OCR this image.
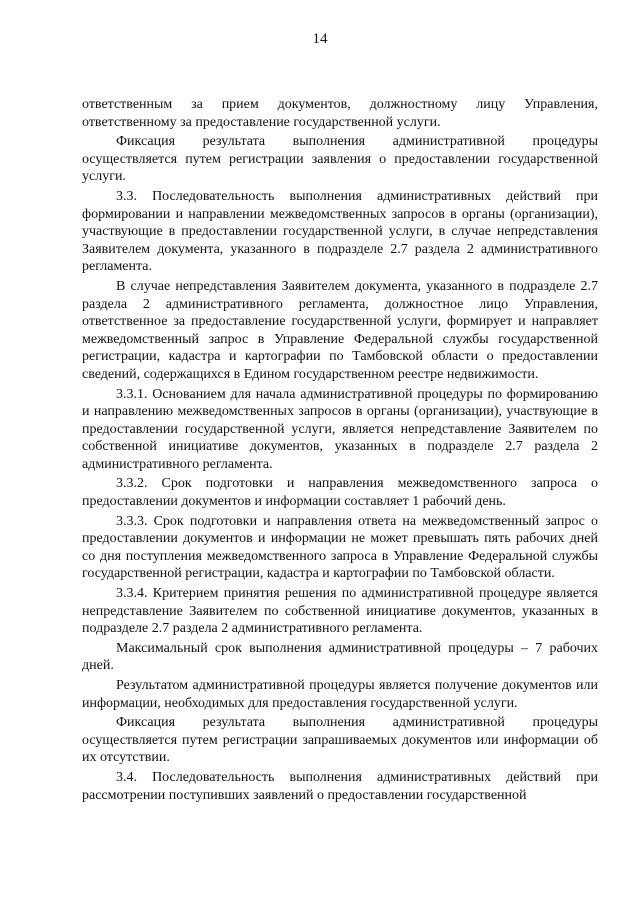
14

ответственным за прием документов, должностному лицу Управления, ответственному за предоставление государственной услуги.

Фиксация результата выполнения административной процедуры осуществляется путем регистрации заявления о предоставлении государственной услуги.

3.3. Последовательность выполнения административных действий при формировании и направлении межведомственных запросов в органы (организации), участвующие в предоставлении государственной услуги, в случае непредставления Заявителем документа, указанного в подразделе 2.7 раздела 2 административного регламента.

В случае непредставления Заявителем документа, указанного в подразделе 2.7 раздела 2 административного регламента, должностное лицо Управления, ответственное за предоставление государственной услуги, формирует и направляет межведомственный запрос в Управление Федеральной службы государственной регистрации, кадастра и картографии по Тамбовской области о предоставлении сведений, содержащихся в Едином государственном реестре недвижимости.

3.3.1. Основанием для начала административной процедуры по формированию и направлению межведомственных запросов в органы (организации), участвующие в предоставлении государственной услуги, является непредставление Заявителем по собственной инициативе документов, указанных в подразделе 2.7 раздела 2 административного регламента.

3.3.2. Срок подготовки и направления межведомственного запроса о предоставлении документов и информации составляет 1 рабочий день.

3.3.3. Срок подготовки и направления ответа на межведомственный запрос о предоставлении документов и информации не может превышать пять рабочих дней со дня поступления межведомственного запроса в Управление Федеральной службы государственной регистрации, кадастра и картографии по Тамбовской области.

3.3.4. Критерием принятия решения по административной процедуре является непредставление Заявителем по собственной инициативе документов, указанных в подразделе 2.7 раздела 2 административного регламента.

Максимальный срок выполнения административной процедуры – 7 рабочих дней.

Результатом административной процедуры является получение документов или информации, необходимых для предоставления государственной услуги.

Фиксация результата выполнения административной процедуры осуществляется путем регистрации запрашиваемых документов или информации об их отсутствии.

3.4. Последовательность выполнения административных действий при рассмотрении поступивших заявлений о предоставлении государственной
